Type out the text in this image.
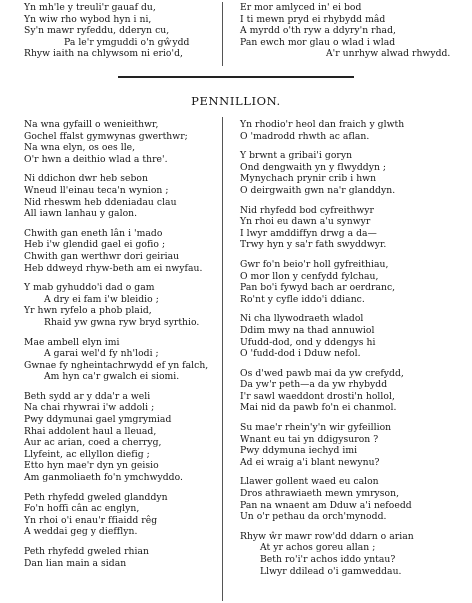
Yn mh'le y treuli'r gauaf du,
Yn wiw rho wybod hyn i ni,
Sy'n mawr ryfeddu, dderyn cu,
Pa le'r ymguddi o'n gŵydd
Rhyw iaith na chlywsom ni erio'd,
Er mor amlyced in' ei bod
I ti mewn pryd ei rhybydd mâd
A myrdd o'th ryw a ddyry'n rhad,
Pan ewch mor glau o wlad i wlad
A'r unrhyw alwad rhwydd.
PENNILLION.
Na wna gyfaill o wenieithwr,
Gochel ffalst gymwynas gwerthwr;
Na wna elyn, os oes lle,
O'r hwn a deithio wlad a thre'.
Ni ddichon dwr heb sebon
Wneud ll'einau teca'n wynion ;
Nid rheswm heb ddeniadau clau
All iawn lanhau y galon.
Chwith gan eneth lân i 'mado
Heb i'w glendid gael ei gofio ;
Chwith gan werthwr dori geiriau
Heb ddweyd rhyw-beth am ei nwyfau.
Y mab gyhuddo'i dad o gam
A dry ei fam i'w bleidio ;
Yr hwn ryfelo a phob plaid,
Rhaid yw gwna ryw bryd syrthio.
Mae ambell elyn imi
A garai wel'd fy nh'lodi ;
Gwnae fy ngheintachrwydd ef yn falch,
Am hyn ca'r gwalch ei siomi.
Beth sydd ar y dda'r a weli
Na chai rhywrai i'w addoli ;
Pwy ddymunai gael ymgrymiad
Rhai addolent haul a lleuad,
Aur ac arian, coed a cherryg,
Llyfeint, ac ellyllon diefig ;
Etto hyn mae'r dyn yn geisio
Am ganmoliaeth fo'n ymchwyddo.
Peth rhyfedd gweled glanddyn
Fo'n hoffi cân ac englyn,
Yn rhoi o'i enau'r ffiaidd rêg
A weddai geg y diefflyn.
Peth rhyfedd gweled rhian
Dan lian main a sidan
Yn rhodio'r heol dan fraich y glwth
O 'madrodd rhwth ac aflan.
Y brwnt a gribai'i goryn
Ond dengwaith yn y flwyddyn ;
Mynychach prynir crib i hwn
O deirgwaith gwn na'r glanddyn.
Nid rhyfedd bod cyfreithwyr
Yn rhoi eu dawn a'u synwyr
I lwyr amddiffyn drwg a da—
Trwy hyn y sa'r fath swyddwyr.
Gwr fo'n beio'r holl gyfreithiau,
O mor llon y cenfydd fylchau,
Pan bo'i fywyd bach ar oerdranc,
Ro'nt y cyfle iddo'i ddianc.
Ni cha llywodraeth wladol
Ddim mwy na thad annuwiol
Ufudd-dod, ond y ddengys hi
O 'fudd-dod i Dduw nefol.
Os d'wed pawb mai da yw crefydd,
Da yw'r peth—a da yw rhybydd
I'r sawl waeddont drosti'n hollol,
Mai nid da pawb fo'n ei chanmol.
Su mae'r rhein'y'n wir gyfeillion
Wnant eu tai yn ddigysuron ?
Pwy ddymuna iechyd imi
Ad ei wraig a'i blant newynu?
Llawer gollent waed eu calon
Dros athrawiaeth mewn ymryson,
Pan na wnaent am Dduw a'i nefoedd
Un o'r pethau da orch'mynodd.
Rhyw ŵr mawr row'dd ddarn o arian
At yr achos goreu allan ;
Beth ro'i'r achos iddo yntau?
Llwyr ddilead o'i gamweddau.
